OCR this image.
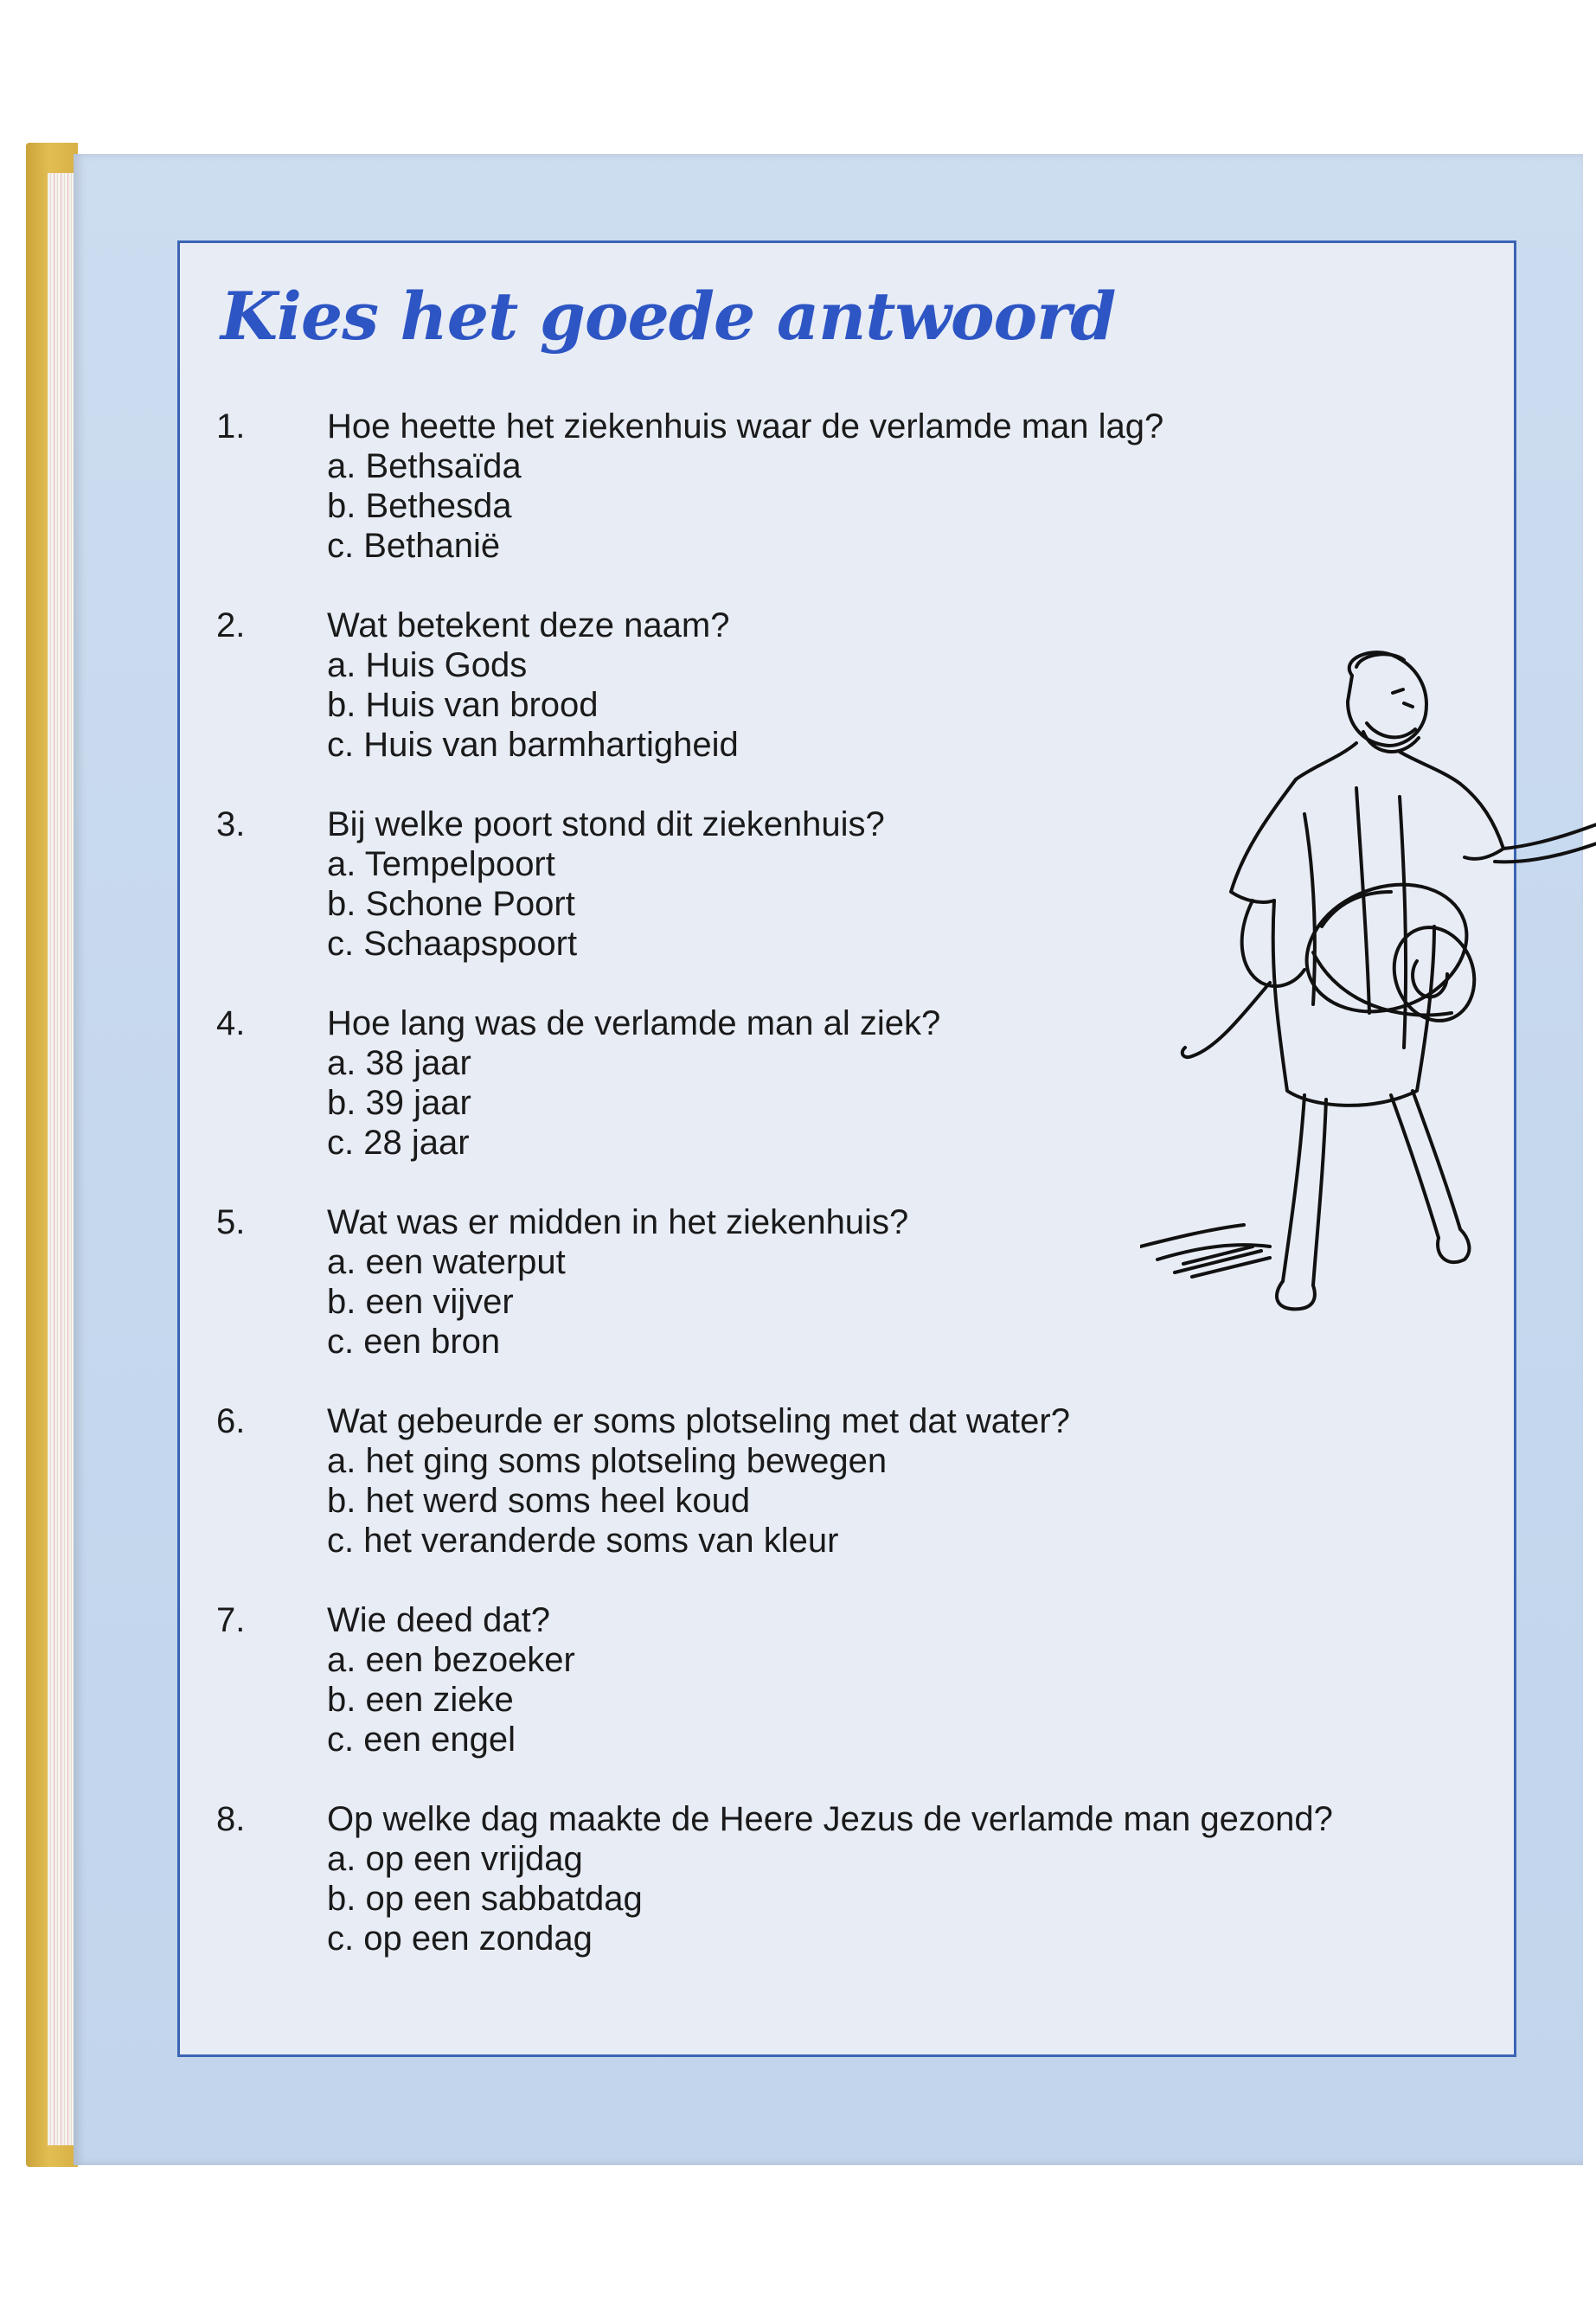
Kies het goede antwoord
1. Hoe heette het ziekenhuis waar de verlamde man lag?
a. Bethsaïda
b. Bethesda
c. Bethanië
2. Wat betekent deze naam?
a. Huis Gods
b. Huis van brood
c. Huis van barmhartigheid
3. Bij welke poort stond dit ziekenhuis?
a. Tempelpoort
b. Schone Poort
c. Schaapspoort
4. Hoe lang was de verlamde man al ziek?
a. 38 jaar
b. 39 jaar
c. 28 jaar
5. Wat was er midden in het ziekenhuis?
a. een waterput
b. een vijver
c. een bron
6. Wat gebeurde er soms plotseling met dat water?
a. het ging soms plotseling bewegen
b. het werd soms heel koud
c. het veranderde soms van kleur
7. Wie deed dat?
a. een bezoeker
b. een zieke
c. een engel
8. Op welke dag maakte de Heere Jezus de verlamde man gezond?
a. op een vrijdag
b. op een sabbatdag
c. op een zondag
